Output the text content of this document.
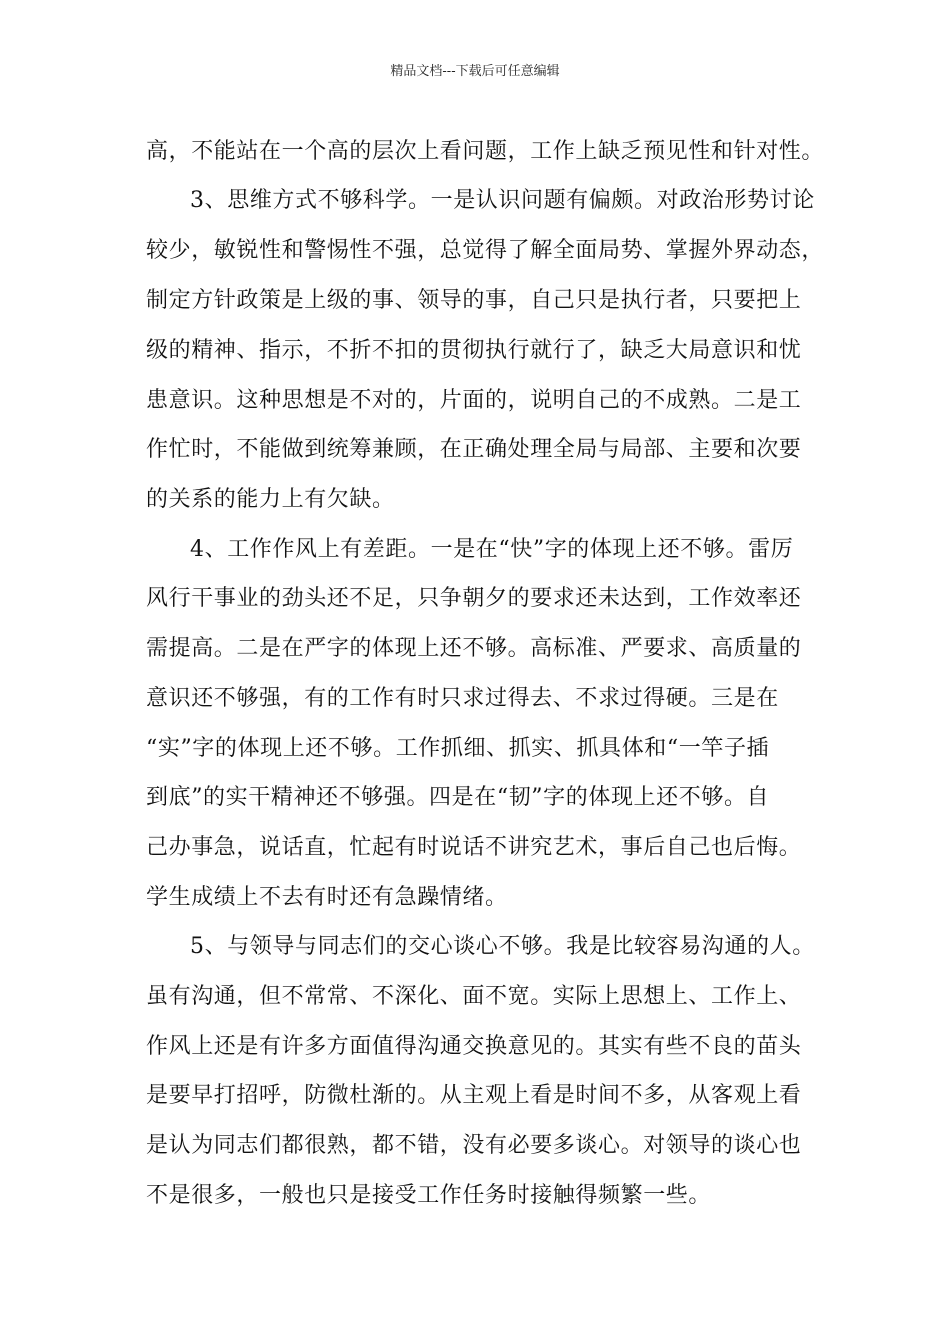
精品文档---下载后可任意编辑
高，不能站在一个高的层次上看问题，工作上缺乏预见性和针对性。
3、思维方式不够科学。一是认识问题有偏颇。对政治形势讨论
较少，敏锐性和警惕性不强，总觉得了解全面局势、掌握外界动态，
制定方针政策是上级的事、领导的事，自己只是执行者，只要把上
级的精神、指示，不折不扣的贯彻执行就行了，缺乏大局意识和忧
患意识。这种思想是不对的，片面的，说明自己的不成熟。二是工
作忙时，不能做到统筹兼顾，在正确处理全局与局部、主要和次要
的关系的能力上有欠缺。
4、工作作风上有差距。一是在“快”字的体现上还不够。雷厉
风行干事业的劲头还不足，只争朝夕的要求还未达到，工作效率还
需提高。二是在严字的体现上还不够。高标准、严要求、高质量的
意识还不够强，有的工作有时只求过得去、不求过得硬。三是在
“实”字的体现上还不够。工作抓细、抓实、抓具体和“一竿子插
到底”的实干精神还不够强。四是在“韧”字的体现上还不够。自
己办事急，说话直，忙起有时说话不讲究艺术，事后自己也后悔。
学生成绩上不去有时还有急躁情绪。
5、与领导与同志们的交心谈心不够。我是比较容易沟通的人。
虽有沟通，但不常常、不深化、面不宽。实际上思想上、工作上、
作风上还是有许多方面值得沟通交换意见的。其实有些不良的苗头
是要早打招呼，防微杜渐的。从主观上看是时间不多，从客观上看
是认为同志们都很熟，都不错，没有必要多谈心。对领导的谈心也
不是很多，一般也只是接受工作任务时接触得频繁一些。
